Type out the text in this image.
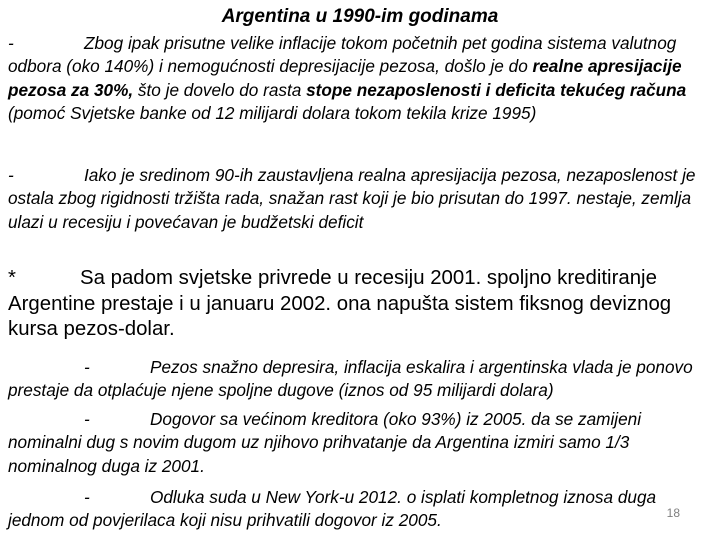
Argentina u 1990-im godinama

-	Zbog ipak prisutne velike inflacije tokom početnih pet godina sistema valutnog odbora (oko 140%) i nemogućnosti depresijacije pezosa, došlo je do realne apresijacije pezosa za 30%, što je dovelo do rasta stope nezaposlenosti i deficita tekućeg računa (pomoć Svjetske banke od 12 milijardi dolara tokom tekila krize 1995)

-	Iako je sredinom 90-ih zaustavljena realna apresijacija pezosa, nezaposlenost je ostala zbog rigidnosti tržišta rada, snažan rast koji je bio prisutan do 1997. nestaje, zemlja ulazi u recesiju i povećavan je budžetski deficit

*	Sa padom svjetske privrede u recesiju 2001. spoljno kreditiranje Argentine prestaje i u januaru 2002. ona napušta sistem fiksnog deviznog kursa pezos-dolar.

-	Pezos snažno depresira, inflacija eskalira i argentinska vlada je ponovo prestaje da otplaćuje njene spoljne dugove (iznos od 95 milijardi dolara)

-	Dogovor sa većinom kreditora (oko 93%) iz 2005. da se zamijeni nominalni dug s novim dugom uz njihovo prihvatanje da Argentina izmiri samo 1/3 nominalnog duga iz 2001.

-	Odluka suda u New York-u 2012. o isplati kompletnog iznosa duga jednom od povjerilaca koji nisu prihvatili dogovor iz 2005.	18
